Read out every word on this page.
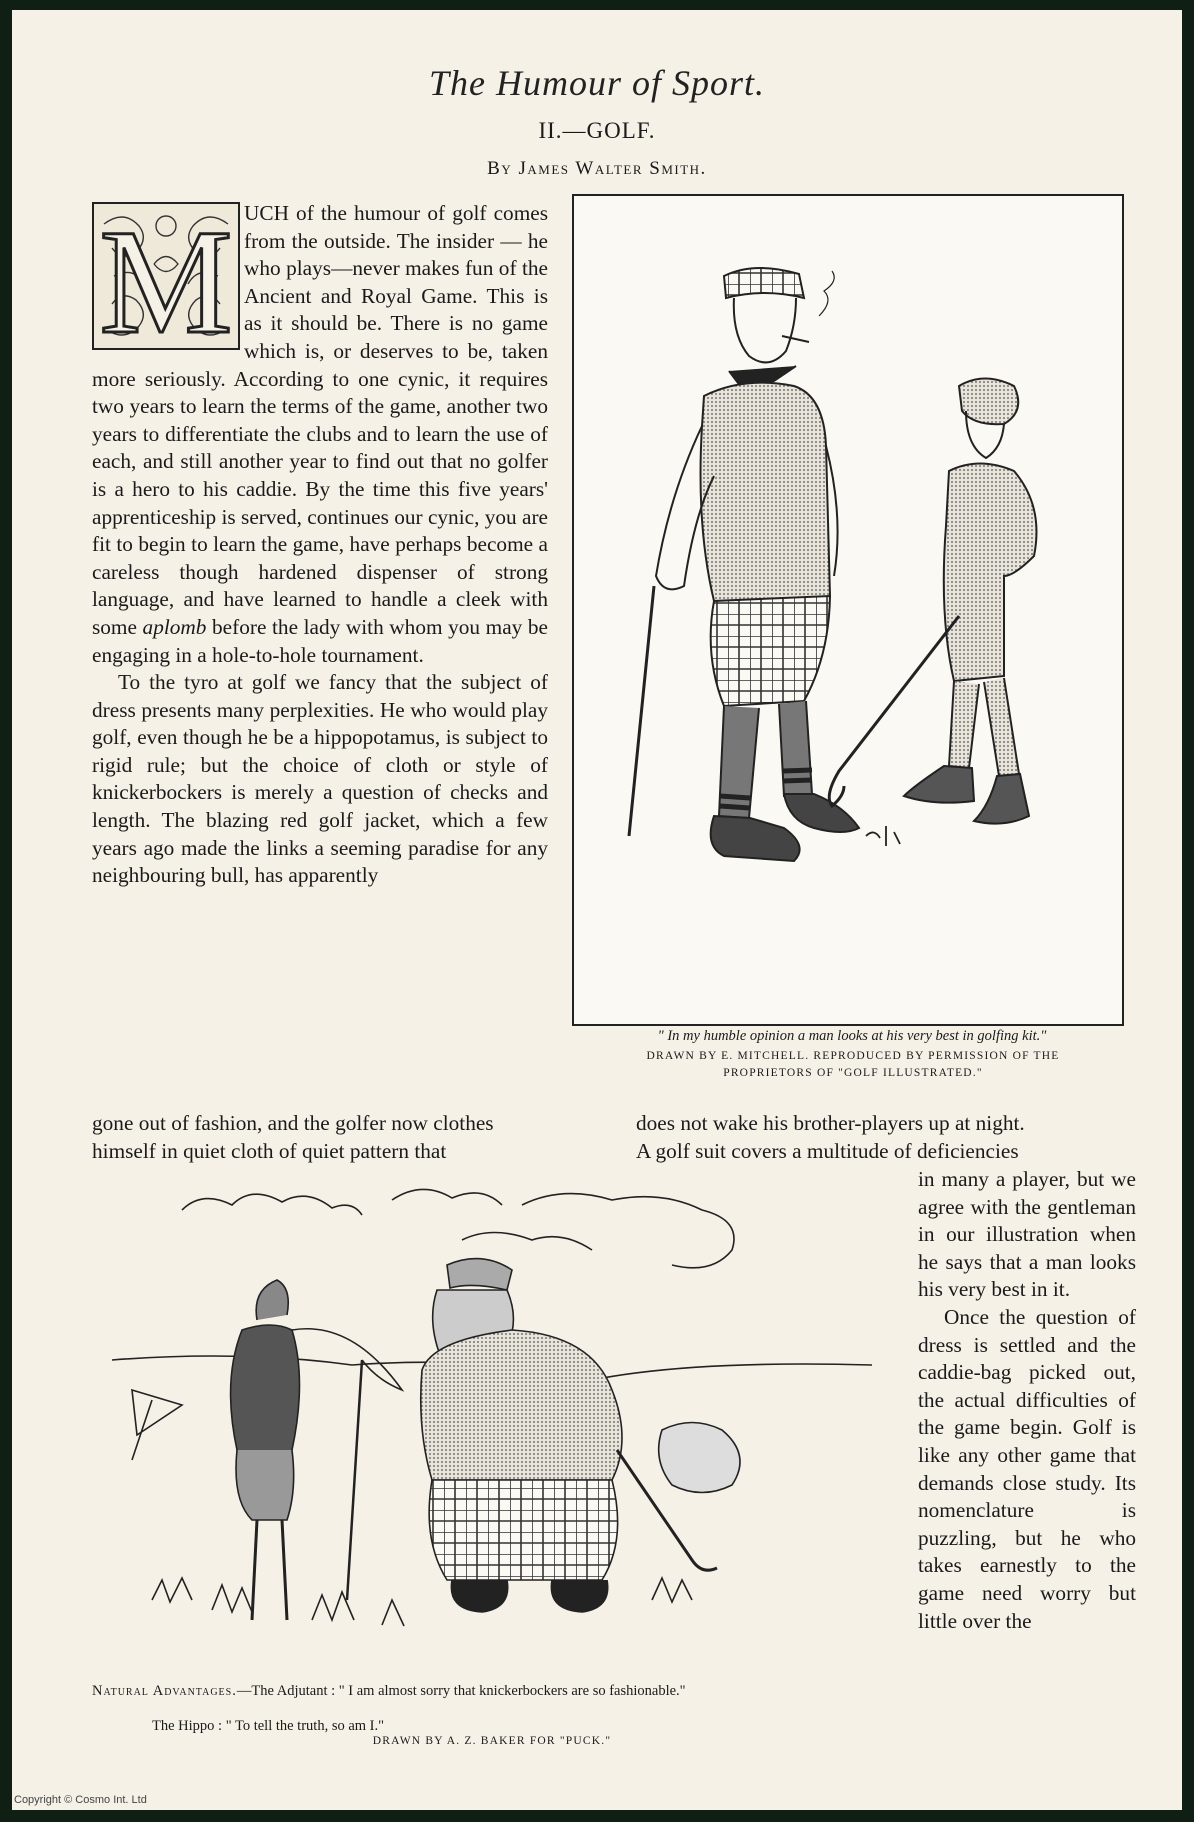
The Humour of Sport.
II.—GOLF.
By James Walter Smith.
M UCH of the humour of golf comes from the outside. The insider — he who plays—never makes fun of the Ancient and Royal Game. This is as it should be. There is no game which is, or deserves to be, taken more seriously. According to one cynic, it requires two years to learn the terms of the game, another two years to differentiate the clubs and to learn the use of each, and still another year to find out that no golfer is a hero to his caddie. By the time this five years' apprenticeship is served, continues our cynic, you are fit to begin to learn the game, have perhaps become a careless though hardened dispenser of strong language, and have learned to handle a cleek with some aplomb before the lady with whom you may be engaging in a hole-to-hole tournament.

To the tyro at golf we fancy that the subject of dress presents many perplexities. He who would play golf, even though he be a hippopotamus, is subject to rigid rule; but the choice of cloth or style of knickerbockers is merely a question of checks and length. The blazing red golf jacket, which a few years ago made the links a seeming paradise for any neighbouring bull, has apparently

gone out of fashion, and the golfer now clothes
himself in quiet cloth of quiet pattern that
does not wake his brother-players up at night.
A golf suit covers a multitude of deficiencies

in many a player, but we agree with the gentleman in our illustration when he says that a man looks his very best in it.

Once the question of dress is settled and the caddie-bag picked out, the actual difficulties of the game begin. Golf is like any other game that demands close study. Its nomenclature is puzzling, but he who takes earnestly to the game need worry but little over the

" In my humble opinion a man looks at his very best in golfing kit."
DRAWN BY E. MITCHELL. REPRODUCED BY PERMISSION OF THE
PROPRIETORS OF "GOLF ILLUSTRATED."
Natural Advantages.—The Adjutant : " I am almost sorry that knickerbockers are so fashionable."
The Hippo : " To tell the truth, so am I."
DRAWN BY A. Z. BAKER FOR "PUCK."
Copyright © Cosmo Int. Ltd
